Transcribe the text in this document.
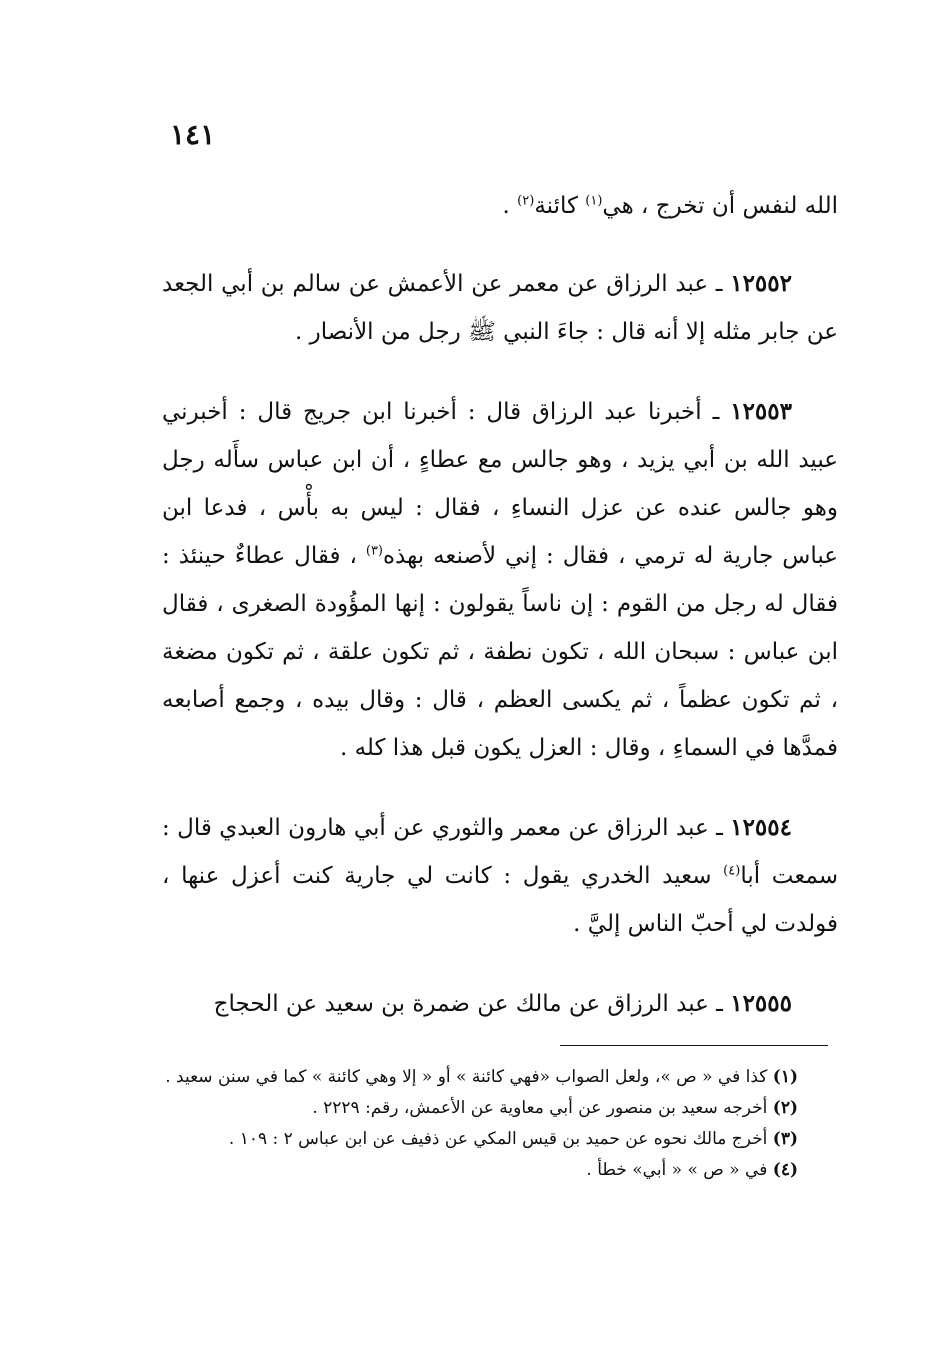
١٤١

الله لنفس أن تخرج ، هي$^{(١)}$ كائنة$^{(٢)}$ .

  ١٢٥٥٢ ـ عبد الرزاق عن معمر عن الأعمش عن سالم بن أبي الجعد عن جابر مثله إلا أنه قال : جاءَ النبي ﷺ رجل من الأنصار .

  ١٢٥٥٣ ـ أخبرنا عبد الرزاق قال : أخبرنا ابن جريج قال : أخبرني عبيد الله بن أبي يزيد ، وهو جالس مع عطاءٍ ، أن ابن عباس سأَله رجل وهو جالس عنده عن عزل النساءِ ، فقال : ليس به بأْس ، فدعا ابن عباس جارية له ترمي ، فقال : إني لأصنعه بهذه$^{(٣)}$ ، فقال عطاءٌ حينئذ : فقال له رجل من القوم : إن ناساً يقولون : إنها المؤُودة الصغرى ، فقال ابن عباس : سبحان الله ، تكون نطفة ، ثم تكون علقة ، ثم تكون مضغة ، ثم تكون عظماً ، ثم يكسى العظم ، قال : وقال بيده ، وجمع أصابعه فمدَّها في السماءِ ، وقال : العزل يكون قبل هذا كله .

  ١٢٥٥٤ ـ عبد الرزاق عن معمر والثوري عن أبي هارون العبدي قال : سمعت أبا$^{(٤)}$ سعيد الخدري يقول : كانت لي جارية كنت أعزل عنها ، فولدت لي أحبّ الناس إليَّ .

  ١٢٥٥٥ ـ عبد الرزاق عن مالك عن ضمرة بن سعيد عن الحجاج

(١) كذا في « ص »، ولعل الصواب «فهي كائنة » أو « إلا وهي كائنة » كما في سنن سعيد .

(٢) أخرجه سعيد بن منصور عن أبي معاوية عن الأعمش، رقم: ٢٢٢٩ .

(٣) أخرج مالك نحوه عن حميد بن قيس المكي عن ذفيف عن ابن عباس ٢ : ١٠٩ .

(٤) في « ص » « أبي» خطأ .
